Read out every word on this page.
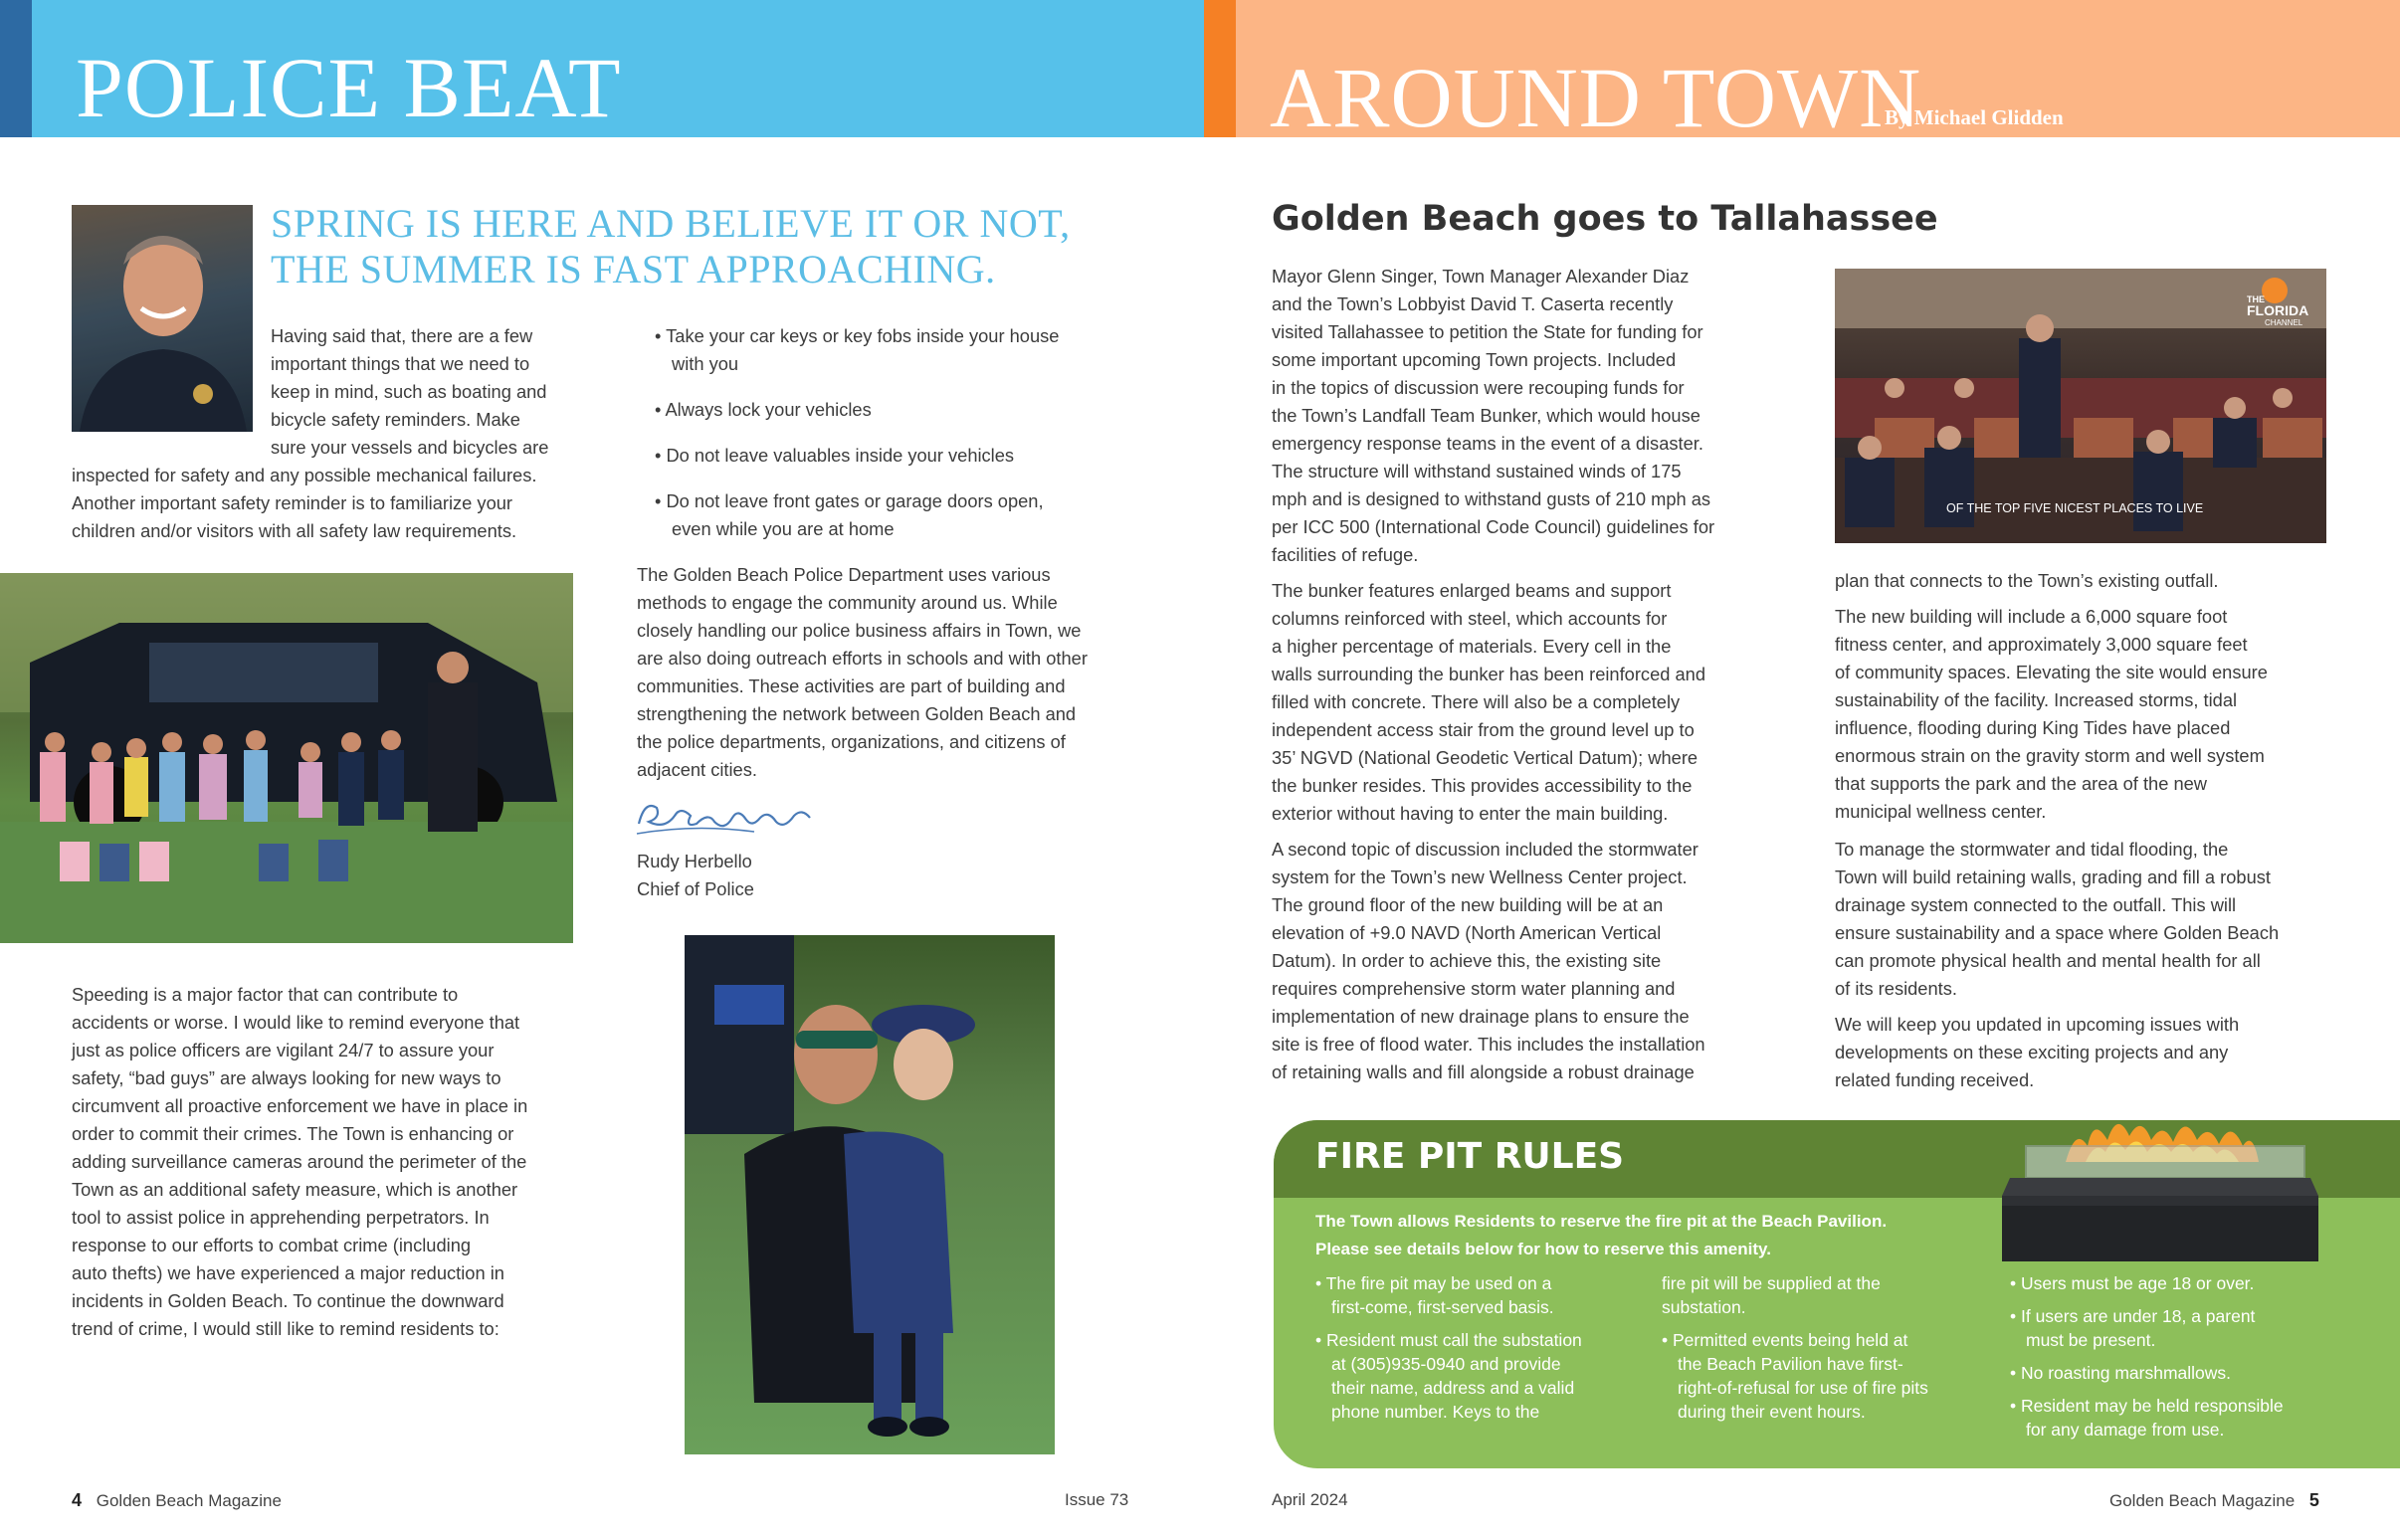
POLICE BEAT	AROUND TOWN
By Michael Glidden
SPRING IS HERE AND BELIEVE IT OR NOT,
THE SUMMER IS FAST APPROACHING.
Having said that, there are a few
important things that we need to
keep in mind, such as boating and
bicycle safety reminders. Make
sure your vessels and bicycles are
inspected for safety and any possible mechanical failures.
Another important safety reminder is to familiarize your
children and/or visitors with all safety law requirements.
• Take your car keys or key fobs inside your house
with you
• Always lock your vehicles
• Do not leave valuables inside your vehicles
• Do not leave front gates or garage doors open,
even while you are at home
The Golden Beach Police Department uses various
methods to engage the community around us. While
closely handling our police business affairs in Town, we
are also doing outreach efforts in schools and with other
communities. These activities are part of building and
strengthening the network between Golden Beach and
the police departments, organizations, and citizens of
adjacent cities.
Rudy Herbello
Chief of Police
Speeding is a major factor that can contribute to
accidents or worse. I would like to remind everyone that
just as police officers are vigilant 24/7 to assure your
safety, “bad guys” are always looking for new ways to
circumvent all proactive enforcement we have in place in
order to commit their crimes. The Town is enhancing or
adding surveillance cameras around the perimeter of the
Town as an additional safety measure, which is another
tool to assist police in apprehending perpetrators. In
response to our efforts to combat crime (including
auto thefts) we have experienced a major reduction in
incidents in Golden Beach. To continue the downward
trend of crime, I would still like to remind residents to:
4 Golden Beach Magazine	Issue 73
Golden Beach goes to Tallahassee
Mayor Glenn Singer, Town Manager Alexander Diaz
and the Town’s Lobbyist David T. Caserta recently
visited Tallahassee to petition the State for funding for
some important upcoming Town projects. Included
in the topics of discussion were recouping funds for
the Town’s Landfall Team Bunker, which would house
emergency response teams in the event of a disaster.
The structure will withstand sustained winds of 175
mph and is designed to withstand gusts of 210 mph as
per ICC 500 (International Code Council) guidelines for
facilities of refuge.
The bunker features enlarged beams and support
columns reinforced with steel, which accounts for
a higher percentage of materials. Every cell in the
walls surrounding the bunker has been reinforced and
filled with concrete. There will also be a completely
independent access stair from the ground level up to
35’ NGVD (National Geodetic Vertical Datum); where
the bunker resides. This provides accessibility to the
exterior without having to enter the main building.
A second topic of discussion included the stormwater
system for the Town’s new Wellness Center project.
The ground floor of the new building will be at an
elevation of +9.0 NAVD (North American Vertical
Datum). In order to achieve this, the existing site
requires comprehensive storm water planning and
implementation of new drainage plans to ensure the
site is free of flood water. This includes the installation
of retaining walls and fill alongside a robust drainage
THE
FLORIDA
CHANNEL
OF THE TOP FIVE NICEST PLACES TO LIVE
plan that connects to the Town’s existing outfall.
The new building will include a 6,000 square foot
fitness center, and approximately 3,000 square feet
of community spaces. Elevating the site would ensure
sustainability of the facility. Increased storms, tidal
influence, flooding during King Tides have placed
enormous strain on the gravity storm and well system
that supports the park and the area of the new
municipal wellness center.
To manage the stormwater and tidal flooding, the
Town will build retaining walls, grading and fill a robust
drainage system connected to the outfall. This will
ensure sustainability and a space where Golden Beach
can promote physical health and mental health for all
of its residents.
We will keep you updated in upcoming issues with
developments on these exciting projects and any
related funding received.
FIRE PIT RULES
The Town allows Residents to reserve the fire pit at the Beach Pavilion.
Please see details below for how to reserve this amenity.

• The fire pit may be used on a
first-come, first-served basis.

• Resident must call the substation
at (305)935-0940 and provide
their name, address and a valid
phone number. Keys to the

fire pit will be supplied at the
substation.

• Permitted events being held at
the Beach Pavilion have first-
right-of-refusal for use of fire pits
during their event hours.

• Users must be age 18 or over.

• If users are under 18, a parent
must be present.

• No roasting marshmallows.

• Resident may be held responsible
for any damage from use.

April 2024	Golden Beach Magazine 5
